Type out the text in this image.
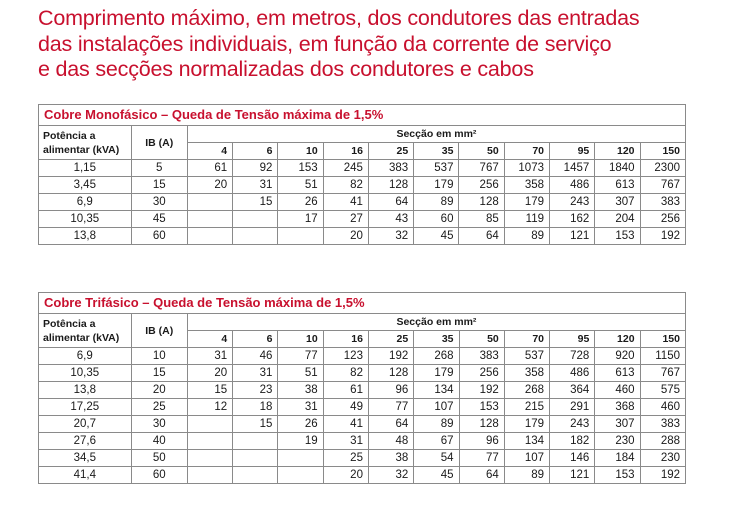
Comprimento máximo, em metros, dos condutores das entradas
das instalações individuais, em função da corrente de serviço
e das secções normalizadas dos condutores e cabos
Cobre Monofásico – Queda de Tensão máxima de 1,5%												

Potência a
alimentar (kVA)	IB (A)	Secção em mm²										
		4	6	10	16	25	35	50	70	95	120	150
1,15	5	61	92	153	245	383	537	767	1073	1457	1840	2300
3,45	15	20	31	51	82	128	179	256	358	486	613	767
6,9	30		15	26	41	64	89	128	179	243	307	383
10,35	45			17	27	43	60	85	119	162	204	256
13,8	60				20	32	45	64	89	121	153	192
Cobre Trifásico – Queda de Tensão máxima de 1,5%												

Potência a
alimentar (kVA)	IB (A)	Secção em mm²										
		4	6	10	16	25	35	50	70	95	120	150
6,9	10	31	46	77	123	192	268	383	537	728	920	1150
10,35	15	20	31	51	82	128	179	256	358	486	613	767
13,8	20	15	23	38	61	96	134	192	268	364	460	575
17,25	25	12	18	31	49	77	107	153	215	291	368	460
20,7	30		15	26	41	64	89	128	179	243	307	383
27,6	40			19	31	48	67	96	134	182	230	288
34,5	50				25	38	54	77	107	146	184	230
41,4	60				20	32	45	64	89	121	153	192
